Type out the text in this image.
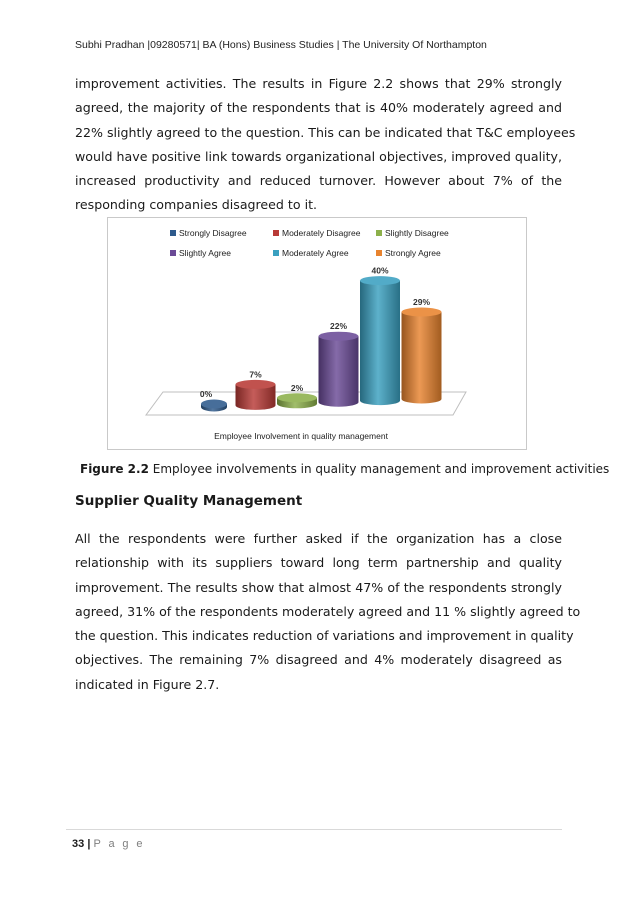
Subhi Pradhan |09280571| BA (Hons) Business Studies | The University Of Northampton

improvement activities. The results in Figure 2.2 shows that 29% strongly
agreed, the majority of the respondents that is 40% moderately agreed and
22% slightly agreed to the question. This can be indicated that T&C employees
would have positive link towards organizational objectives, improved quality,
increased productivity and reduced turnover. However about 7% of the
responding companies disagreed to it.

Strongly Disagree	Moderately Disagree	Slightly Disagree
Slightly Agree	Moderately Agree	Strongly Agree
0%
7%
2%
22%
40%
29%
Employee Involvement in quality management
Figure 2.2 Employee involvements in quality management and improvement activities
Supplier Quality Management

All the respondents were further asked if the organization has a close
relationship with its suppliers toward long term partnership and quality
improvement. The results show that almost 47% of the respondents strongly
agreed, 31% of the respondents moderately agreed and 11 % slightly agreed to
the question. This indicates reduction of variations and improvement in quality
objectives. The remaining 7% disagreed and 4% moderately disagreed as
indicated in Figure 2.7.

33 | P a g e
